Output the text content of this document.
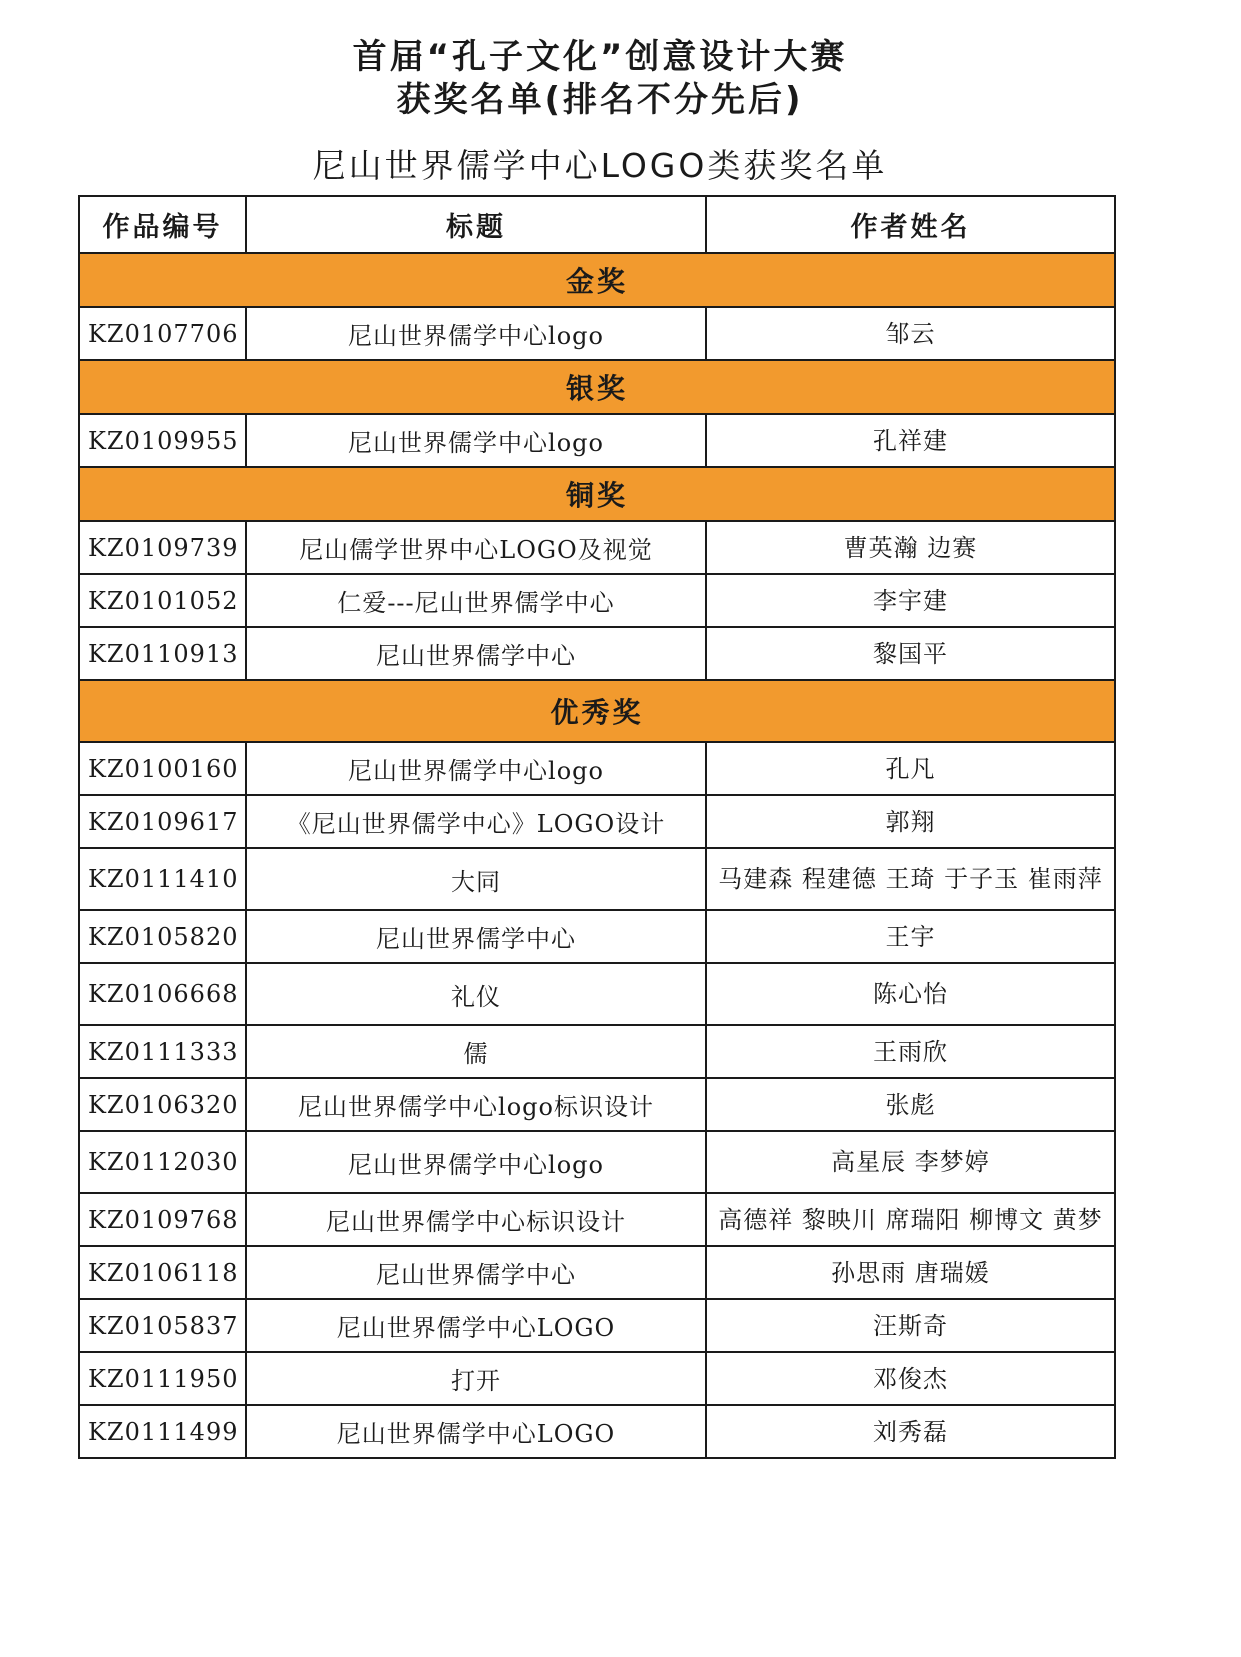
首届“孔子文化”创意设计大赛
获奖名单(排名不分先后)
尼山世界儒学中心LOGO类获奖名单
作品编号	标题	作者姓名
金奖		
KZ0107706	尼山世界儒学中心logo	邹云
银奖		
KZ0109955	尼山世界儒学中心logo	孔祥建
铜奖		
KZ0109739	尼山儒学世界中心LOGO及视觉	曹英瀚 边赛
KZ0101052	仁爱---尼山世界儒学中心	李宇建
KZ0110913	尼山世界儒学中心	黎国平
优秀奖		
KZ0100160	尼山世界儒学中心logo	孔凡
KZ0109617	《尼山世界儒学中心》LOGO设计	郭翔
KZ0111410	大同	马建森 程建德 王琦 于子玉 崔雨萍
KZ0105820	尼山世界儒学中心	王宇
KZ0106668	礼仪	陈心怡
KZ0111333	儒	王雨欣
KZ0106320	尼山世界儒学中心logo标识设计	张彪
KZ0112030	尼山世界儒学中心logo	高星辰 李梦婷
KZ0109768	尼山世界儒学中心标识设计	高德祥 黎映川 席瑞阳 柳博文 黄梦
KZ0106118	尼山世界儒学中心	孙思雨 唐瑞媛
KZ0105837	尼山世界儒学中心LOGO	汪斯奇
KZ0111950	打开	邓俊杰
KZ0111499	尼山世界儒学中心LOGO	刘秀磊
